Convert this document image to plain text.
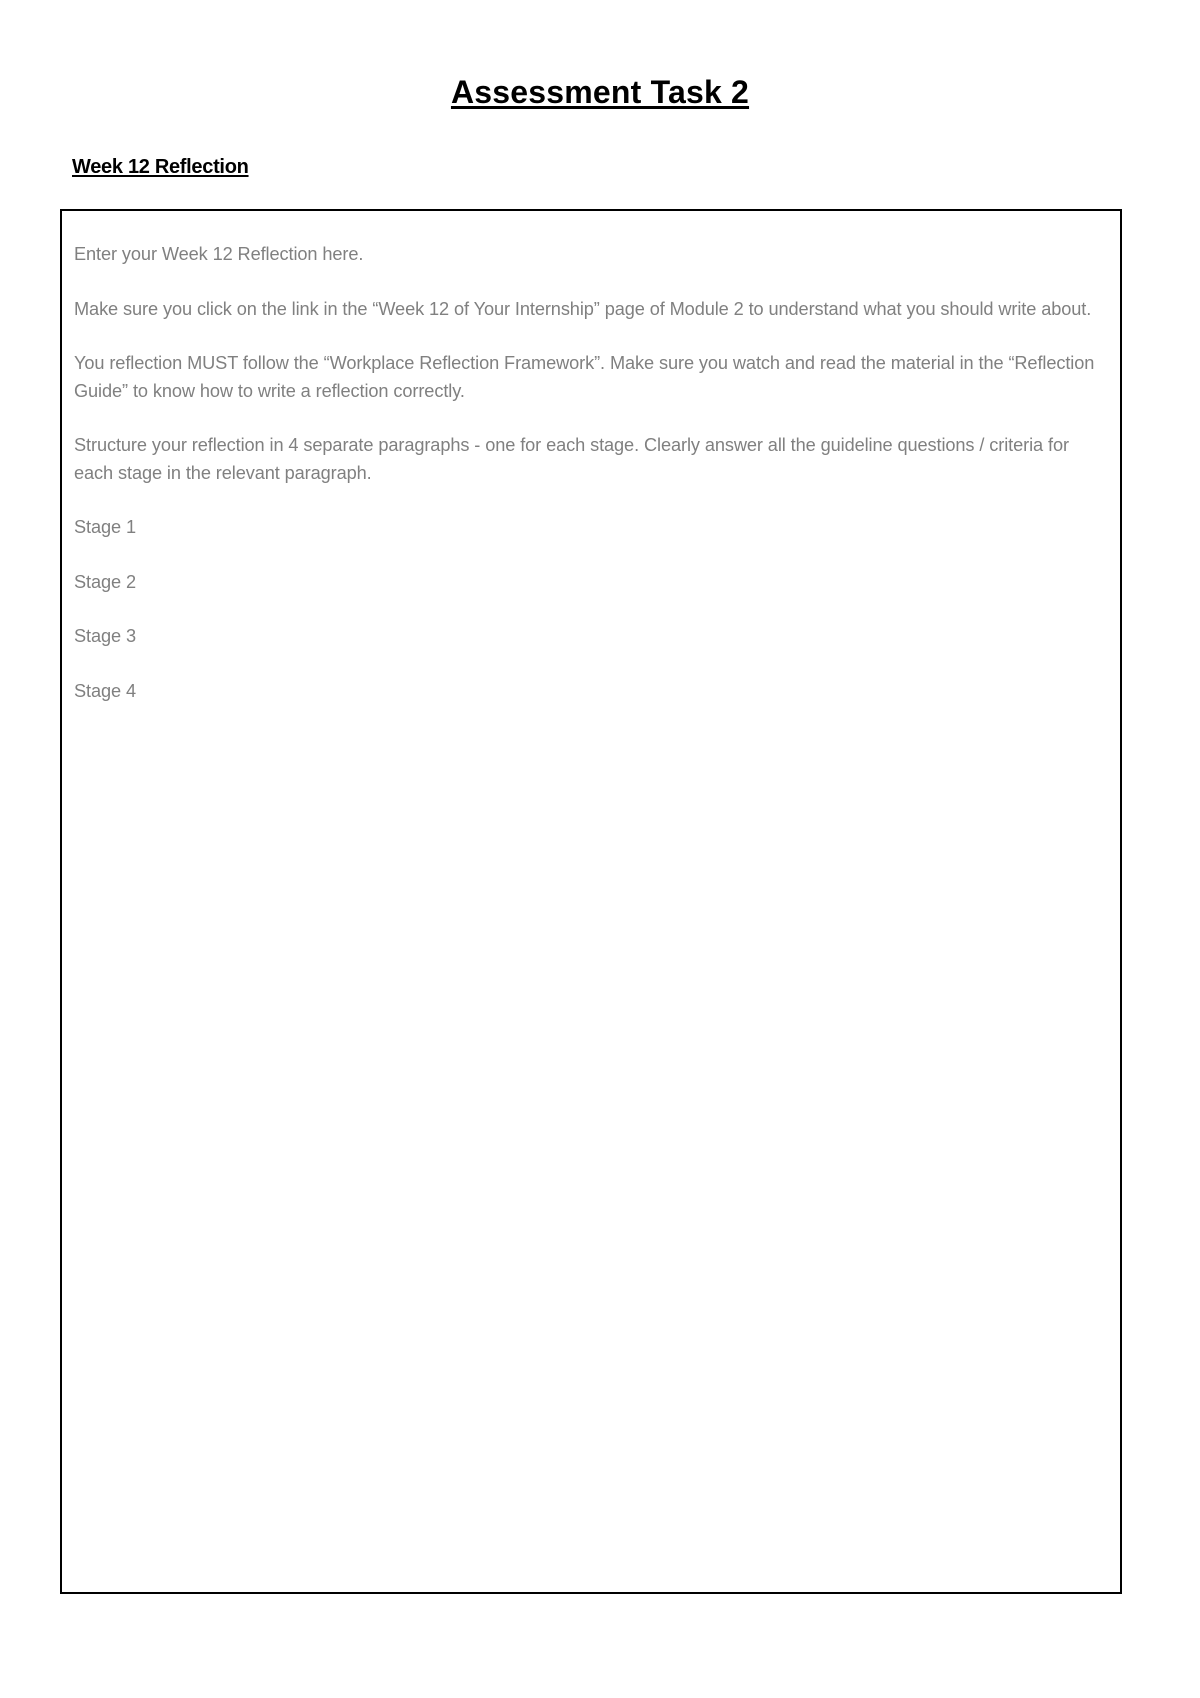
Assessment Task 2
Week 12 Reflection

Enter your Week 12 Reflection here.

Make sure you click on the link in the “Week 12 of Your Internship” page of Module 2 to understand what you should write about.

You reflection MUST follow the “Workplace Reflection Framework”. Make sure you watch and read the material in the “Reflection Guide” to know how to write a reflection correctly.

Structure your reflection in 4 separate paragraphs - one for each stage. Clearly answer all the guideline questions / criteria for each stage in the relevant paragraph.

Stage 1
Stage 2
Stage 3
Stage 4
